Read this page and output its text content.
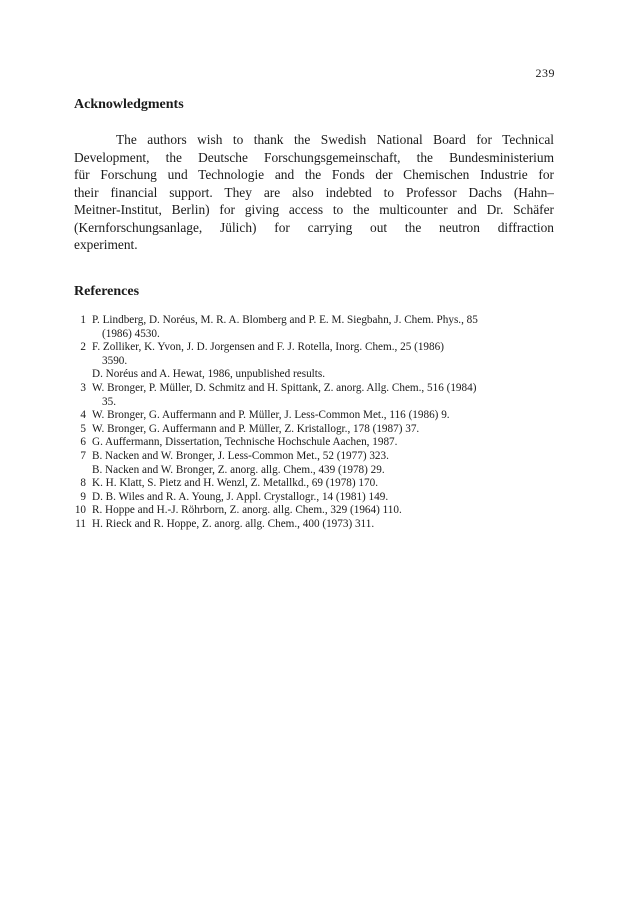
239
Acknowledgments

The authors wish to thank the Swedish National Board for Technical
Development, the Deutsche Forschungsgemeinschaft, the Bundesministerium
für Forschung und Technologie and the Fonds der Chemischen Industrie for
their financial support. They are also indebted to Professor Dachs (Hahn–
Meitner-Institut, Berlin) for giving access to the multicounter and Dr. Schäfer
(Kernforschungsanlage, Jülich) for carrying out the neutron diffraction
experiment.

References
1 P. Lindberg, D. Noréus, M. R. A. Blomberg and P. E. M. Siegbahn, J. Chem. Phys., 85
(1986) 4530.
2 F. Zolliker, K. Yvon, J. D. Jorgensen and F. J. Rotella, Inorg. Chem., 25 (1986)
3590.
D. Noréus and A. Hewat, 1986, unpublished results.
3 W. Bronger, P. Müller, D. Schmitz and H. Spittank, Z. anorg. Allg. Chem., 516 (1984)
35.
4 W. Bronger, G. Auffermann and P. Müller, J. Less-Common Met., 116 (1986) 9.
5 W. Bronger, G. Auffermann and P. Müller, Z. Kristallogr., 178 (1987) 37.
6 G. Auffermann, Dissertation, Technische Hochschule Aachen, 1987.
7 B. Nacken and W. Bronger, J. Less-Common Met., 52 (1977) 323.
B. Nacken and W. Bronger, Z. anorg. allg. Chem., 439 (1978) 29.
8 K. H. Klatt, S. Pietz and H. Wenzl, Z. Metallkd., 69 (1978) 170.
9 D. B. Wiles and R. A. Young, J. Appl. Crystallogr., 14 (1981) 149.
10 R. Hoppe and H.-J. Röhrborn, Z. anorg. allg. Chem., 329 (1964) 110.
11 H. Rieck and R. Hoppe, Z. anorg. allg. Chem., 400 (1973) 311.
